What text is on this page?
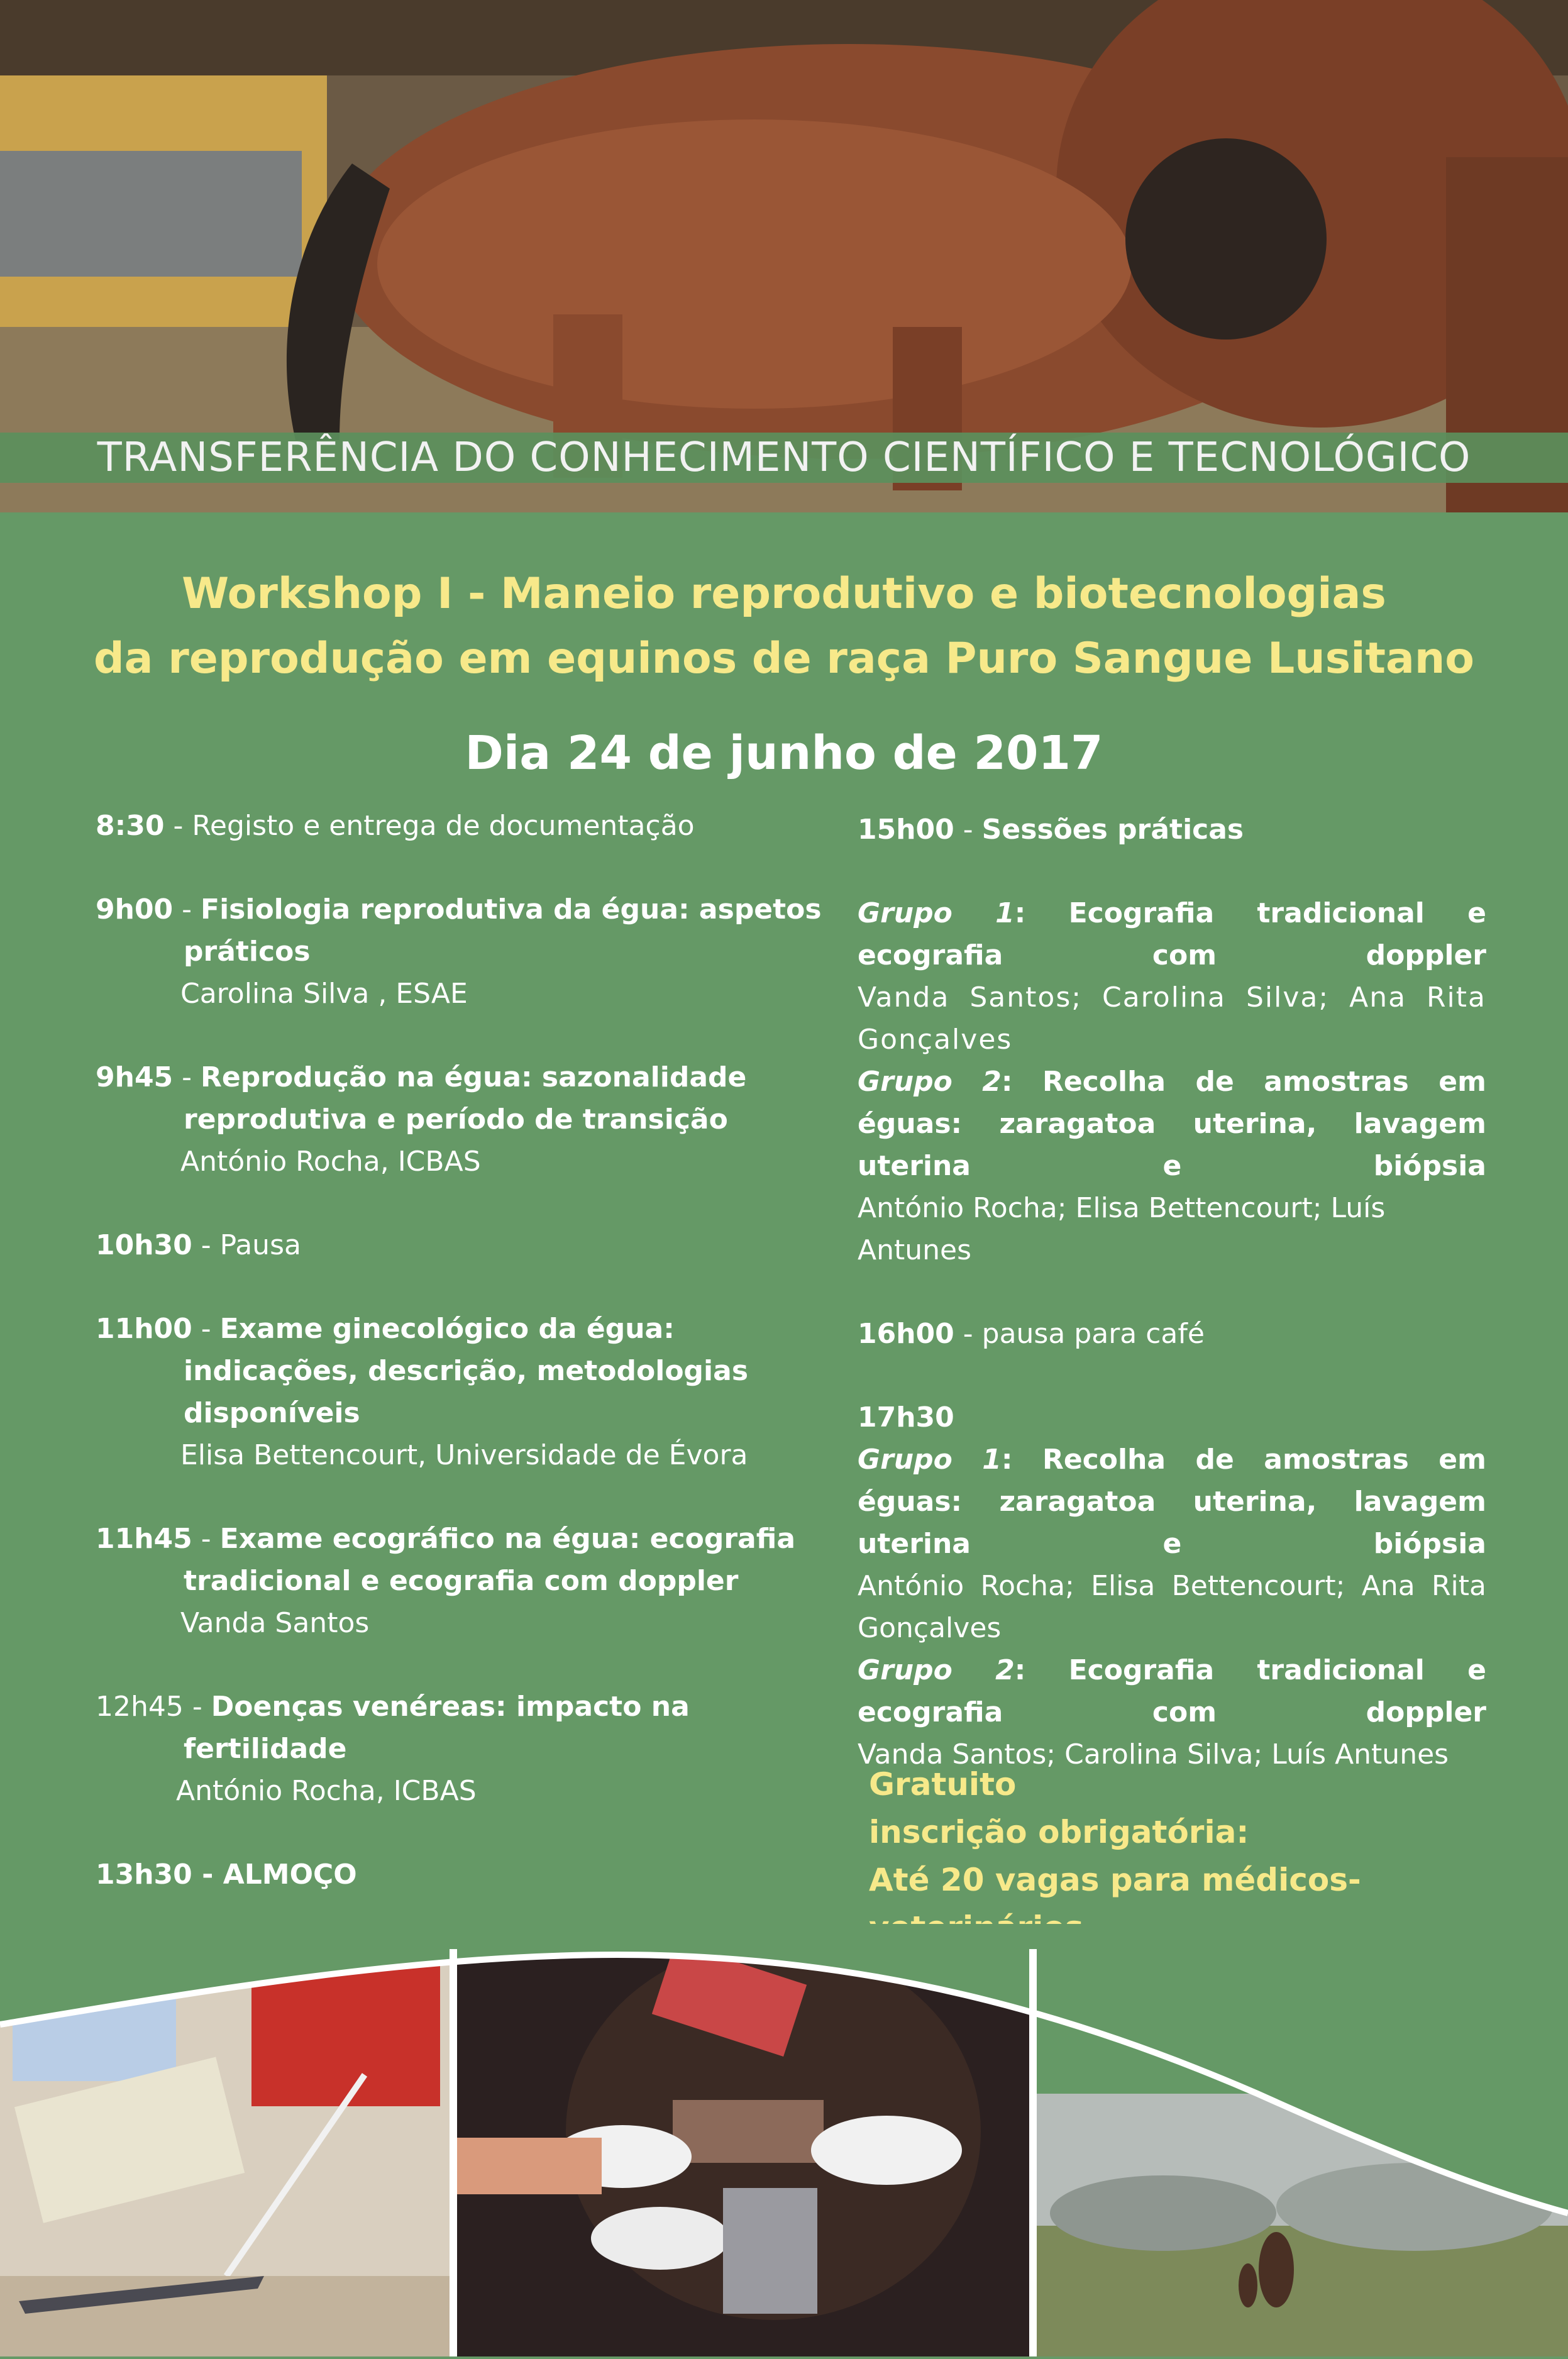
TRANSFERÊNCIA DO CONHECIMENTO CIENTÍFICO E TECNOLÓGICO
Workshop I - Maneio reprodutivo e biotecnologias
da reprodução em equinos de raça Puro Sangue Lusitano
Dia 24 de junho de 2017
8:30 - Registo e entrega de documentação
9h00 - Fisiologia reprodutiva da égua: aspetos
práticos
Carolina Silva , ESAE
9h45 - Reprodução na égua: sazonalidade
reprodutiva e período de transição
António Rocha, ICBAS
10h30 - Pausa
11h00 - Exame ginecológico da égua:
indicações, descrição, metodologias
disponíveis
Elisa Bettencourt, Universidade de Évora
11h45 - Exame ecográfico na égua: ecografia
tradicional e ecografia com doppler
Vanda Santos
12h45 - Doenças venéreas: impacto na
fertilidade
António Rocha, ICBAS
13h30 - ALMOÇO
15h00 - Sessões práticas
Grupo 1: Ecografia tradicional e ecografia com doppler
Vanda Santos; Carolina Silva; Ana Rita Gonçalves
Grupo 2: Recolha de amostras em éguas: zaragatoa uterina, lavagem uterina e biópsia
António Rocha; Elisa Bettencourt; Luís Antunes
16h00 - pausa para café
17h30
Grupo 1: Recolha de amostras em éguas: zaragatoa uterina, lavagem uterina e biópsia
António Rocha; Elisa Bettencourt; Ana Rita Gonçalves
Grupo 2: Ecografia tradicional e ecografia com doppler
Vanda Santos; Carolina Silva; Luís Antunes
Gratuito
inscrição obrigatória:
Até 20 vagas para médicos-
